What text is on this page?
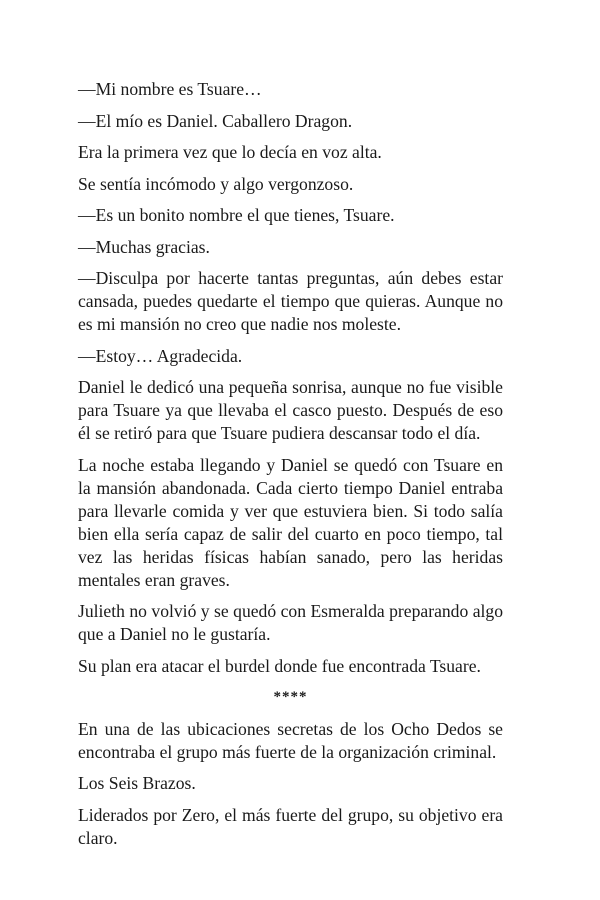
—Mi nombre es Tsuare…

—El mío es Daniel. Caballero Dragon.

Era la primera vez que lo decía en voz alta.

Se sentía incómodo y algo vergonzoso.

—Es un bonito nombre el que tienes, Tsuare.

—Muchas gracias.

—Disculpa por hacerte tantas preguntas, aún debes estar cansada, puedes quedarte el tiempo que quieras. Aunque no es mi mansión no creo que nadie nos moleste.

—Estoy… Agradecida.

Daniel le dedicó una pequeña sonrisa, aunque no fue visible para Tsuare ya que llevaba el casco puesto. Después de eso él se retiró para que Tsuare pudiera descansar todo el día.

La noche estaba llegando y Daniel se quedó con Tsuare en la mansión abandonada. Cada cierto tiempo Daniel entraba para llevarle comida y ver que estuviera bien. Si todo salía bien ella sería capaz de salir del cuarto en poco tiempo, tal vez las heridas físicas habían sanado, pero las heridas mentales eran graves.

Julieth no volvió y se quedó con Esmeralda preparando algo que a Daniel no le gustaría.

Su plan era atacar el burdel donde fue encontrada Tsuare.

****

En una de las ubicaciones secretas de los Ocho Dedos se encontraba el grupo más fuerte de la organización criminal.

Los Seis Brazos.

Liderados por Zero, el más fuerte del grupo, su objetivo era claro.
